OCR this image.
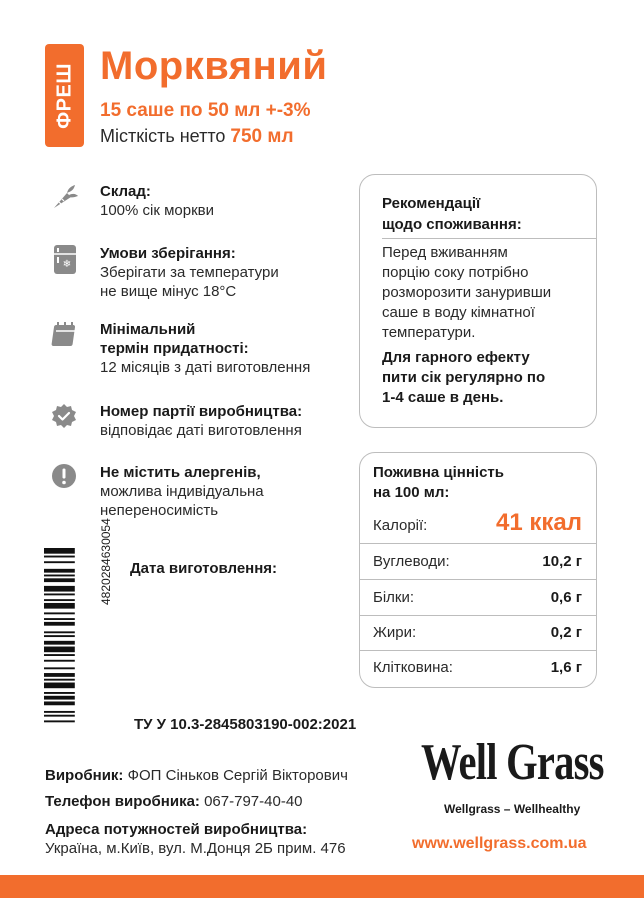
ФРЕШ Морквяний
15 саше по 50 мл +-3%
Місткість нетто 750 мл
Склад:
100% сік моркви
❄
Умови зберігання:
Зберігати за температури
не вище мінус 18°С
Мінімальний
термін придатності:
12 місяців з даті виготовлення
Номер партії виробництва:
відповідає даті виготовлення
Не містить алергенів,
можлива індивідуальна
непереносимість
Рекомендації
щодо споживання:
Перед вживанням
порцію соку потрібно
розморозити зануривши
саше в воду кімнатної
температури.
Для гарного ефекту
пити сік регулярно по
1-4 саше в день.
Поживна цінність
на 100 мл:
Калорії:	41 ккал
Вуглеводи:	10,2 г
Білки:	0,6 г
Жири:	0,2 г
Клітковина:	1,6 г
4820284630054 Дата виготовлення:
ТУ У 10.3-2845803190-002:2021
Виробник: ФОП Сіньков Сергій Вікторович
Телефон виробника: 067-797-40-40
Адреса потужностей виробництва:
Україна, м.Київ, вул. М.Донця 2Б прим. 476
Well Grass
Wellgrass – Wellhealthy
www.wellgrass.com.ua
